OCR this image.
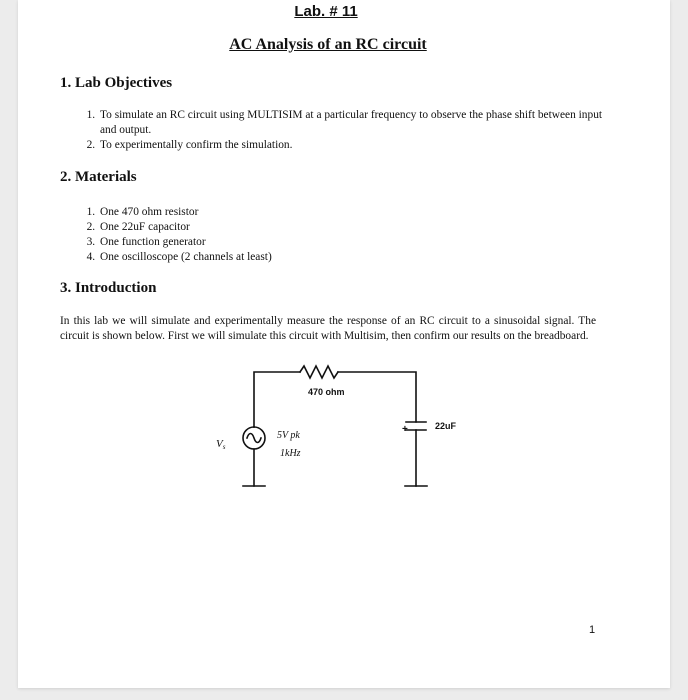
Lab. # 11
AC Analysis of an RC circuit
1. Lab Objectives
1. To simulate an RC circuit using MULTISIM at a particular frequency to observe the phase shift between input and output.
2. To experimentally confirm the simulation.
2. Materials
1. One 470 ohm resistor
2. One 22uF capacitor
3. One function generator
4. One oscilloscope (2 channels at least)
3. Introduction
In this lab we will simulate and experimentally measure the response of an RC circuit to a sinusoidal signal. The circuit is shown below. First we will simulate this circuit with Multisim, then confirm our results on the breadboard.
+
470 ohm
22uF
5V pk
1kHz
Vs
1
